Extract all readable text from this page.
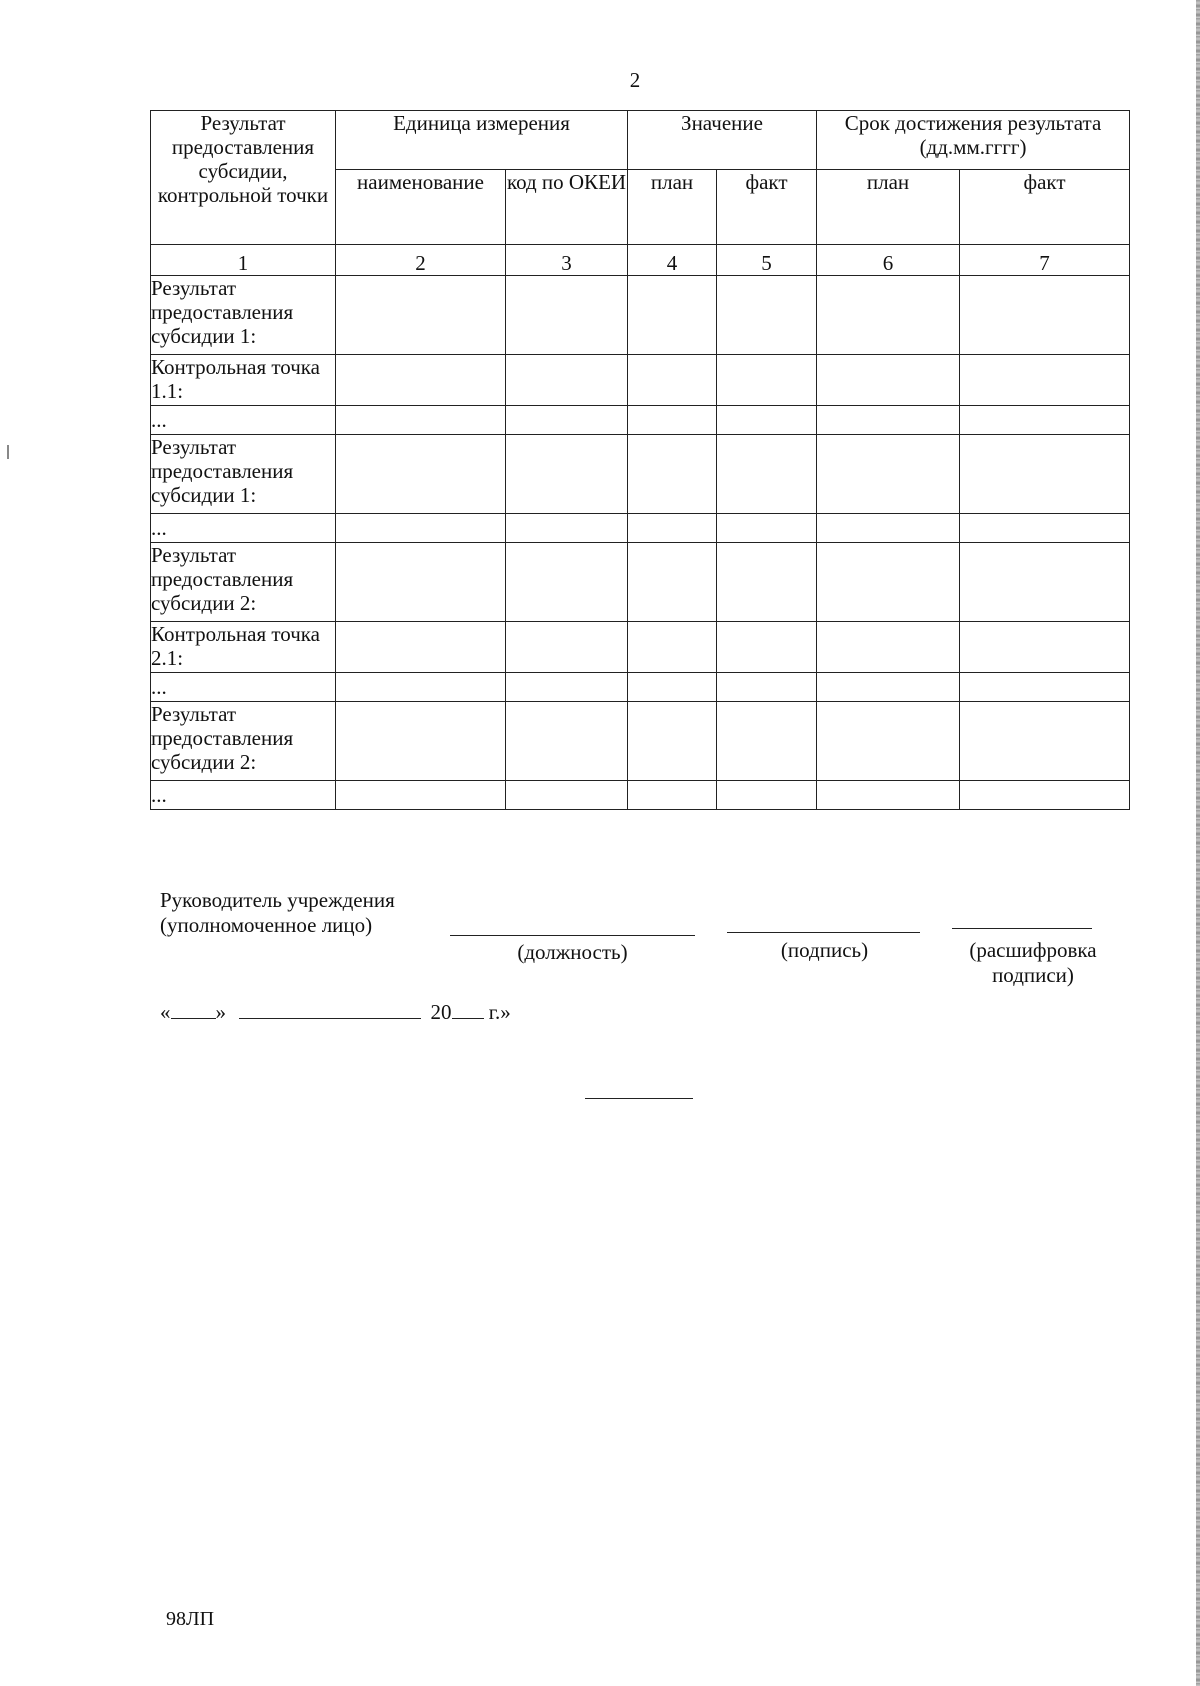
2
Результат предоставления субсидии, контрольной точки	Единица измерения		Значение		Срок достижения результата (дд.мм.гггг)	
	наименование	код по ОКЕИ	план	факт	план	факт
1	2	3	4	5	6	7
Результат предоставления субсидии 1:						
Контрольная точка 1.1:						
...						
Результат предоставления субсидии 1:						
...						
Результат предоставления субсидии 2:						
Контрольная точка 2.1:						
...						
Результат предоставления субсидии 2:						
...						
Руководитель учреждения
(уполномоченное лицо)
(должность)	(подпись)	(расшифровка подписи)
« »	20 г.»
98ЛП
